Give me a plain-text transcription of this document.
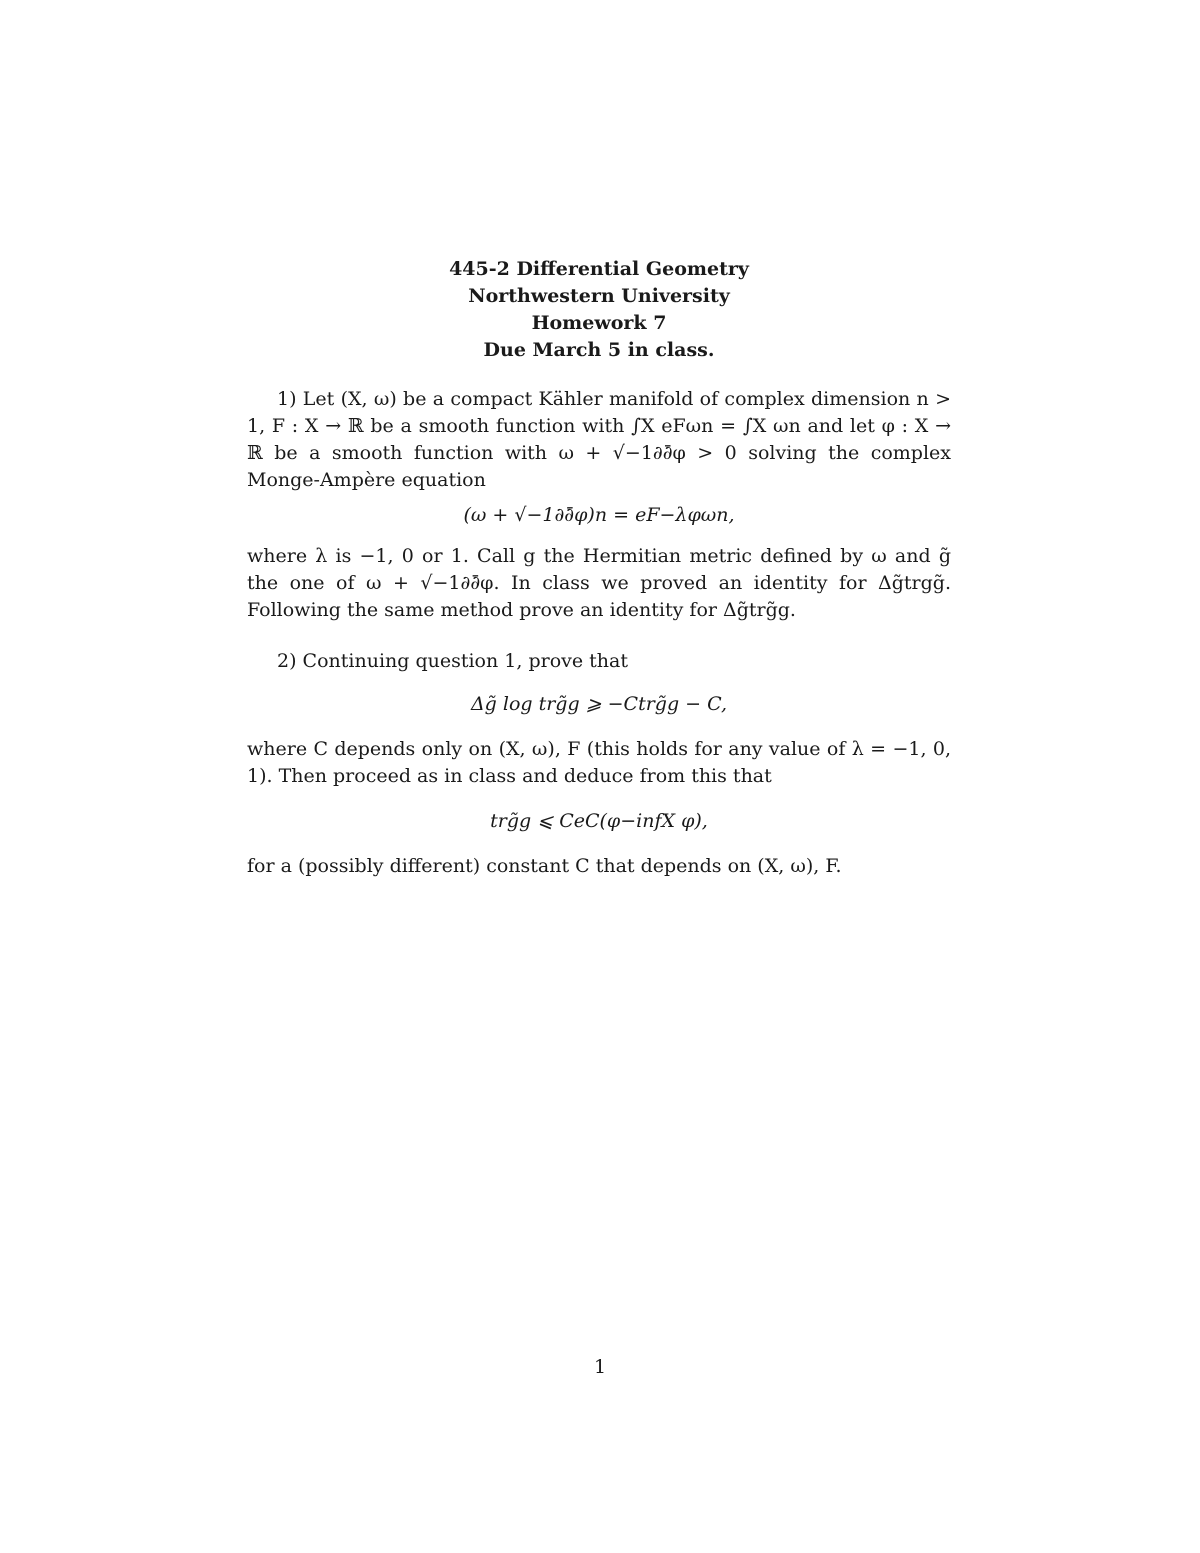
445-2 Differential Geometry
Northwestern University
Homework 7
Due March 5 in class.

1) Let (X, ω) be a compact Kähler manifold of complex dimension n > 1, F : X → ℝ be a smooth function with ∫X eFωn = ∫X ωn and let φ : X → ℝ be a smooth function with ω + √−1∂∂̄φ > 0 solving the complex Monge-Ampère equation

(ω + √−1∂∂̄φ)n = eF−λφωn,

where λ is −1, 0 or 1. Call g the Hermitian metric defined by ω and g̃ the one of ω + √−1∂∂̄φ. In class we proved an identity for Δg̃trgg̃. Following the same method prove an identity for Δg̃trg̃g.

2) Continuing question 1, prove that

Δg̃ log trg̃g ⩾ −Ctrg̃g − C,

where C depends only on (X, ω), F (this holds for any value of λ = −1, 0, 1). Then proceed as in class and deduce from this that

trg̃g ⩽ CeC(φ−infX φ),

for a (possibly different) constant C that depends on (X, ω), F.

1
